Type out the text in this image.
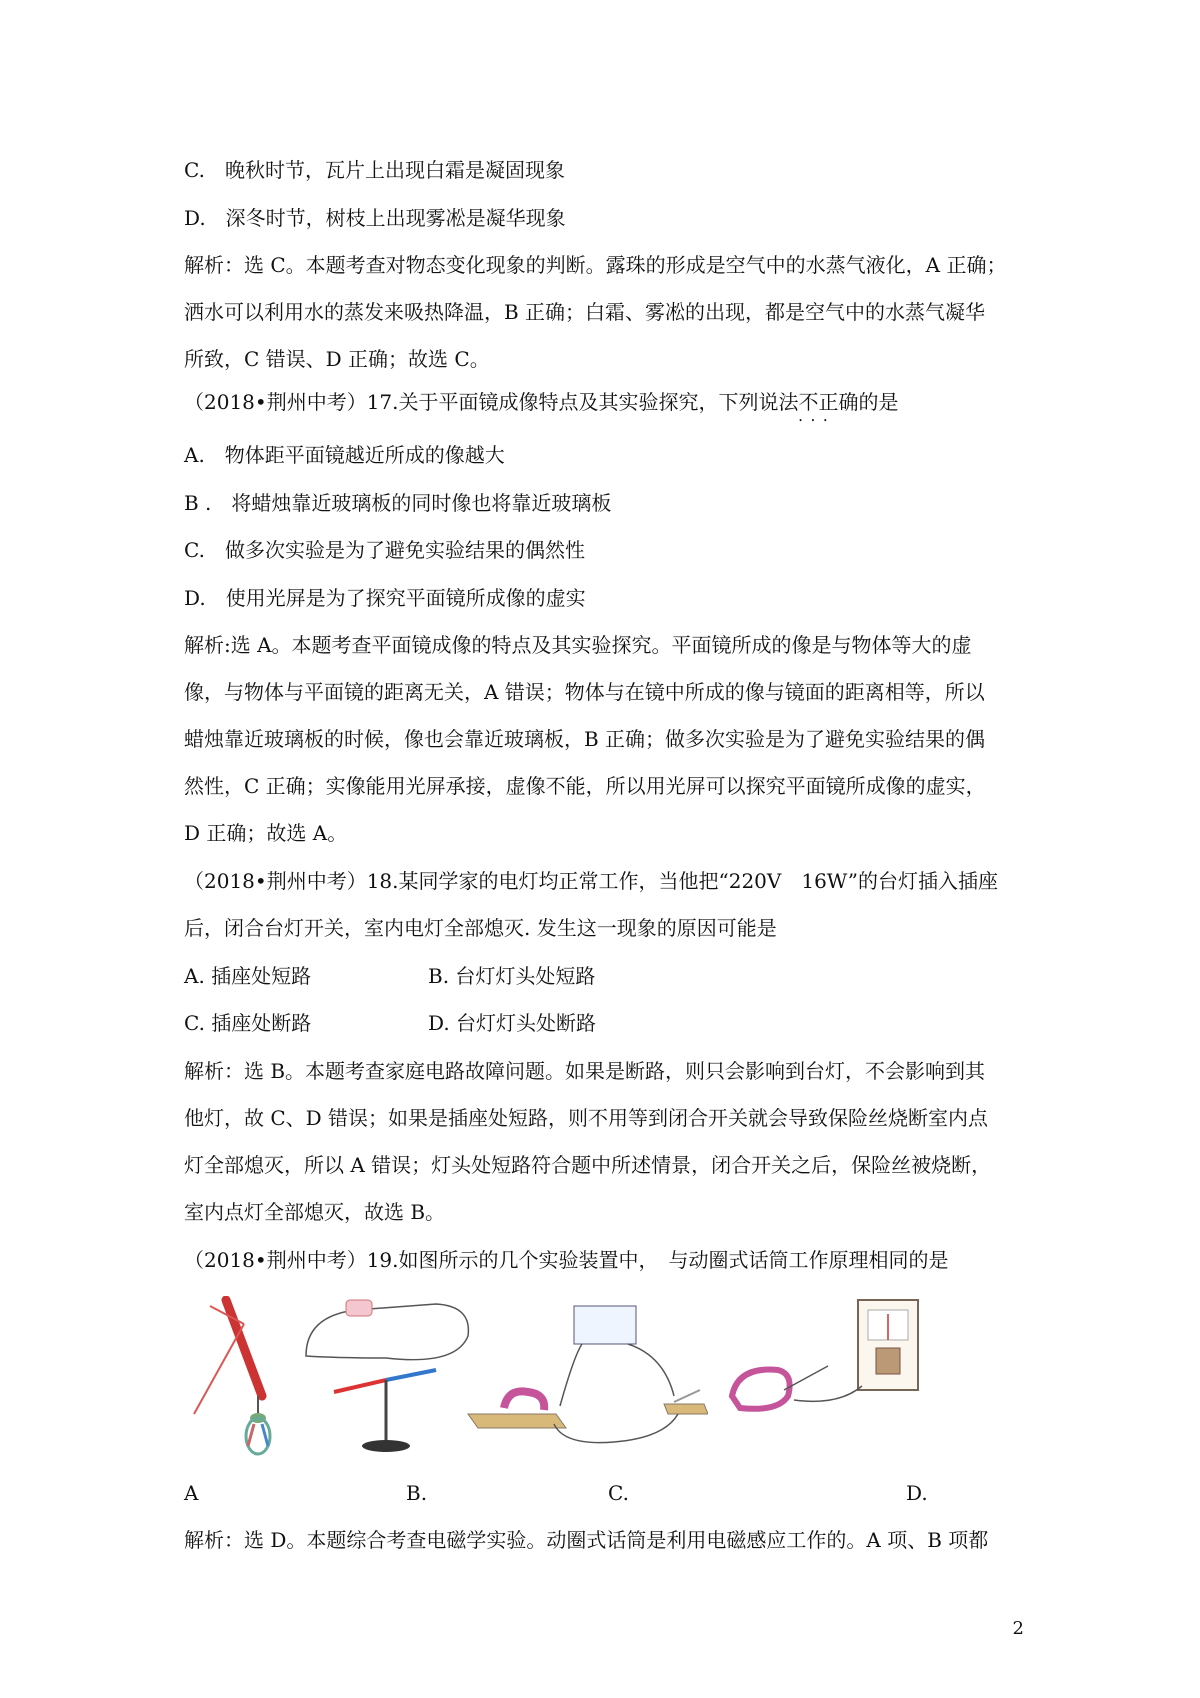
C.　晚秋时节，瓦片上出现白霜是凝固现象
D.　深冬时节，树枝上出现雾凇是凝华现象
解析：选 C。本题考查对物态变化现象的判断。露珠的形成是空气中的水蒸气液化，A 正确；
洒水可以利用水的蒸发来吸热降温，B 正确；白霜、雾凇的出现，都是空气中的水蒸气凝华
所致，C 错误、D 正确；故选 C。
（2018•荆州中考）17.关于平面镜成像特点及其实验探究，下列说法不正确 • • •的是
A.　物体距平面镜越近所成的像越大
B .　将蜡烛靠近玻璃板的同时像也将靠近玻璃板
C.　做多次实验是为了避免实验结果的偶然性
D.　使用光屏是为了探究平面镜所成像的虚实
解析:选 A。本题考查平面镜成像的特点及其实验探究。平面镜所成的像是与物体等大的虚
像，与物体与平面镜的距离无关，A 错误；物体与在镜中所成的像与镜面的距离相等，所以
蜡烛靠近玻璃板的时候，像也会靠近玻璃板，B 正确；做多次实验是为了避免实验结果的偶
然性，C 正确；实像能用光屏承接，虚像不能，所以用光屏可以探究平面镜所成像的虚实，
D 正确；故选 A。
（2018•荆州中考）18.某同学家的电灯均正常工作，当他把“220V　16W”的台灯插入插座
后，闭合台灯开关，室内电灯全部熄灭. 发生这一现象的原因可能是
A. 插座处短路	B. 台灯灯头处短路
C. 插座处断路	D. 台灯灯头处断路
解析：选 B。本题考查家庭电路故障问题。如果是断路，则只会影响到台灯，不会影响到其
他灯，故 C、D 错误；如果是插座处短路，则不用等到闭合开关就会导致保险丝烧断室内点
灯全部熄灭，所以 A 错误；灯头处短路符合题中所述情景，闭合开关之后，保险丝被烧断，
室内点灯全部熄灭，故选 B。
（2018•荆州中考）19.如图所示的几个实验装置中，　与动圈式话筒工作原理相同的是
A	B.	C.	D.
解析：选 D。本题综合考查电磁学实验。动圈式话筒是利用电磁感应工作的。A 项、B 项都
2
